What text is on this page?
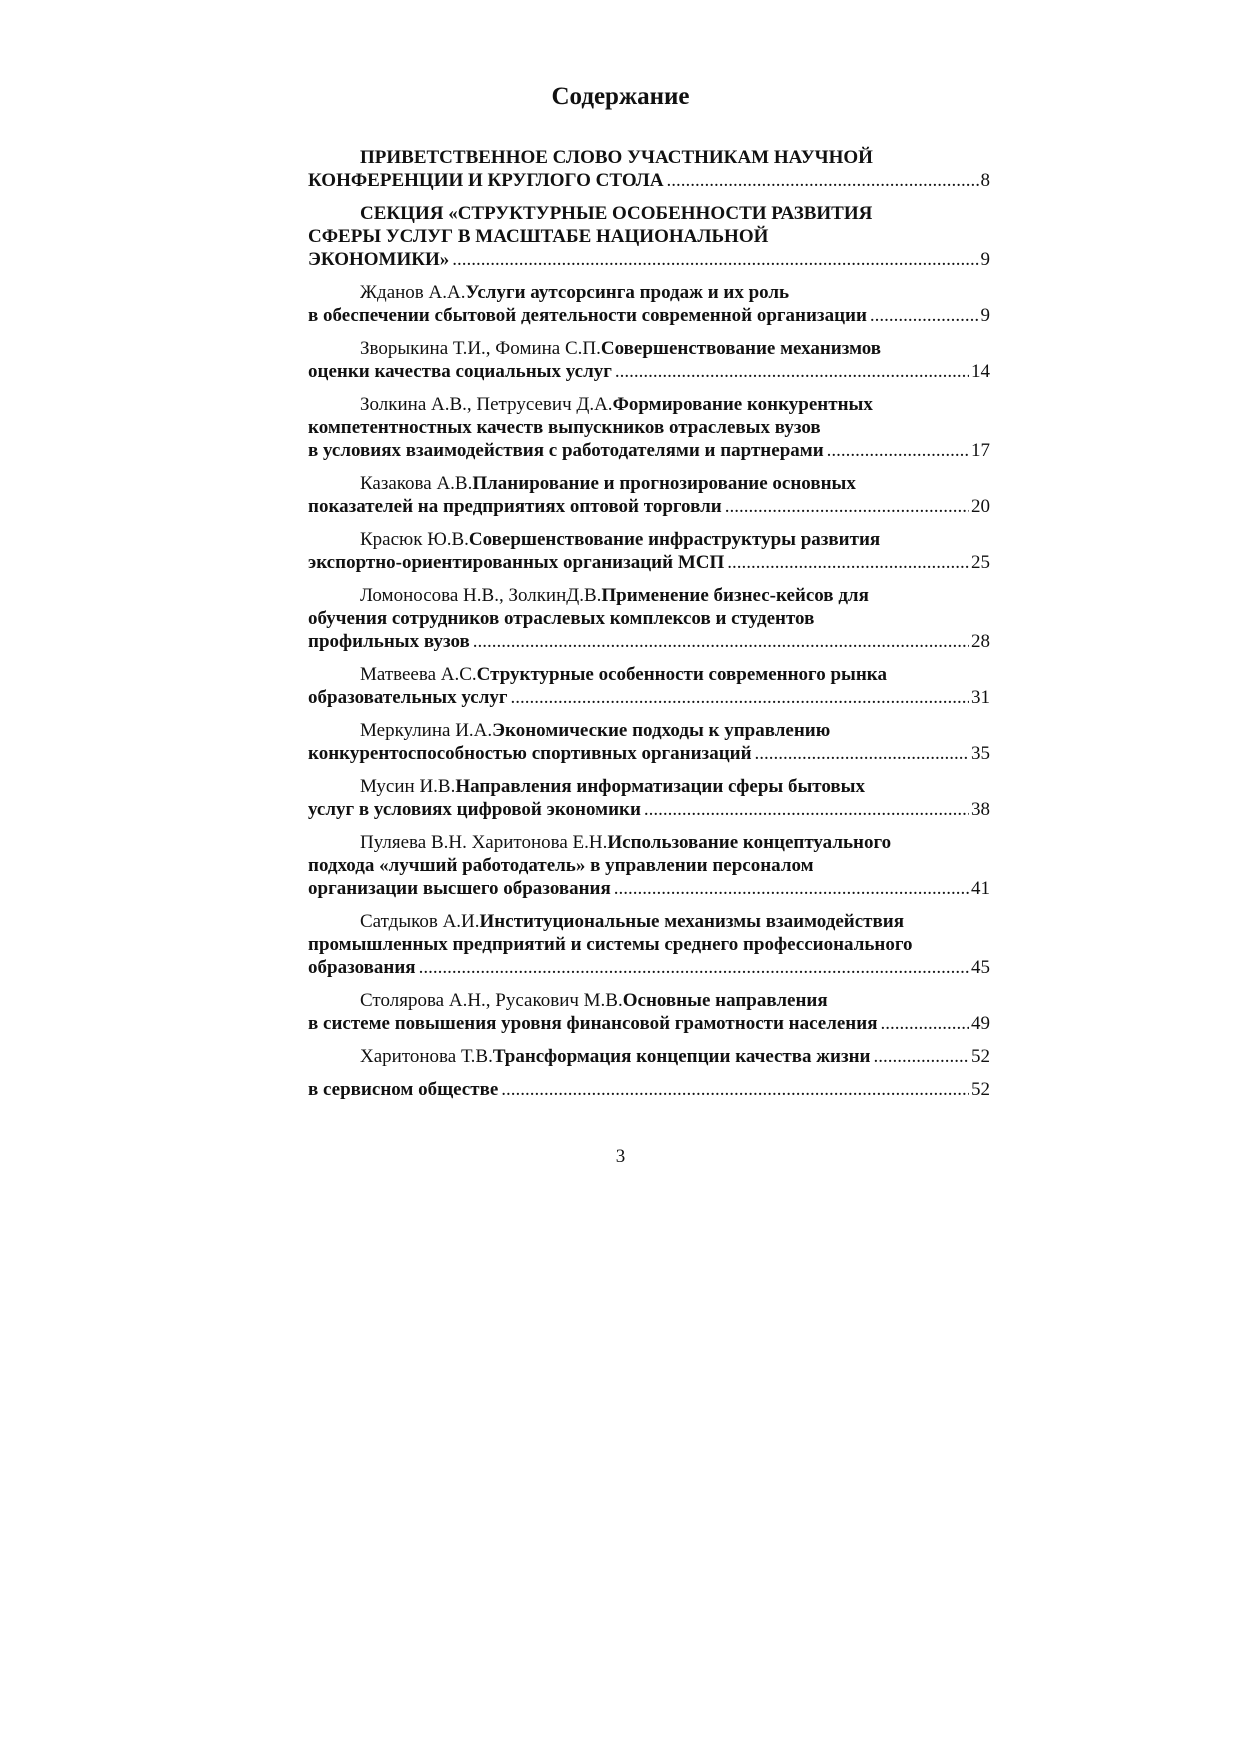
Содержание
ПРИВЕТСТВЕННОЕ СЛОВО УЧАСТНИКАМ НАУЧНОЙ
КОНФЕРЕНЦИИ И КРУГЛОГО СТОЛА .....	8
СЕКЦИЯ «СТРУКТУРНЫЕ ОСОБЕННОСТИ РАЗВИТИЯ
СФЕРЫ УСЛУГ В МАСШТАБЕ НАЦИОНАЛЬНОЙ
ЭКОНОМИКИ» .....	9
Жданов А.А. Услуги аутсорсинга продаж и их роль
в обеспечении сбытовой деятельности современной организации .....	9
Зворыкина Т.И., Фомина С.П. Совершенствование механизмов
оценки качества социальных услуг .....	14
Золкина А.В., Петрусевич Д.А. Формирование конкурентных
компетентностных качеств выпускников отраслевых вузов
в условиях взаимодействия с работодателями и партнерами .....	17
Казакова А.В. Планирование и прогнозирование основных
показателей на предприятиях оптовой торговли .....	20
Красюк Ю.В. Совершенствование инфраструктуры развития
экспортно-ориентированных организаций МСП .....	25
Ломоносова Н.В., ЗолкинД.В. Применение бизнес-кейсов для
обучения сотрудников отраслевых комплексов и студентов
профильных вузов .....	28
Матвеева А.С. Структурные особенности современного рынка
образовательных услуг .....	31
Меркулина И.А. Экономические подходы к управлению
конкурентоспособностью спортивных организаций .....	35
Мусин И.В. Направления информатизации сферы бытовых
услуг в условиях цифровой экономики .....	38
Пуляева В.Н. Харитонова Е.Н. Использование концептуального
подхода «лучший работодатель» в управлении персоналом
организации высшего образования .....	41
Сатдыков А.И. Институциональные механизмы взаимодействия
промышленных предприятий и системы среднего профессионального
образования .....	45
Столярова А.Н., Русакович М.В. Основные направления
в системе повышения уровня финансовой грамотности населения .....	49
Харитонова Т.В. Трансформация концепции качества жизни .....	52
в сервисном обществе .....	52
3
